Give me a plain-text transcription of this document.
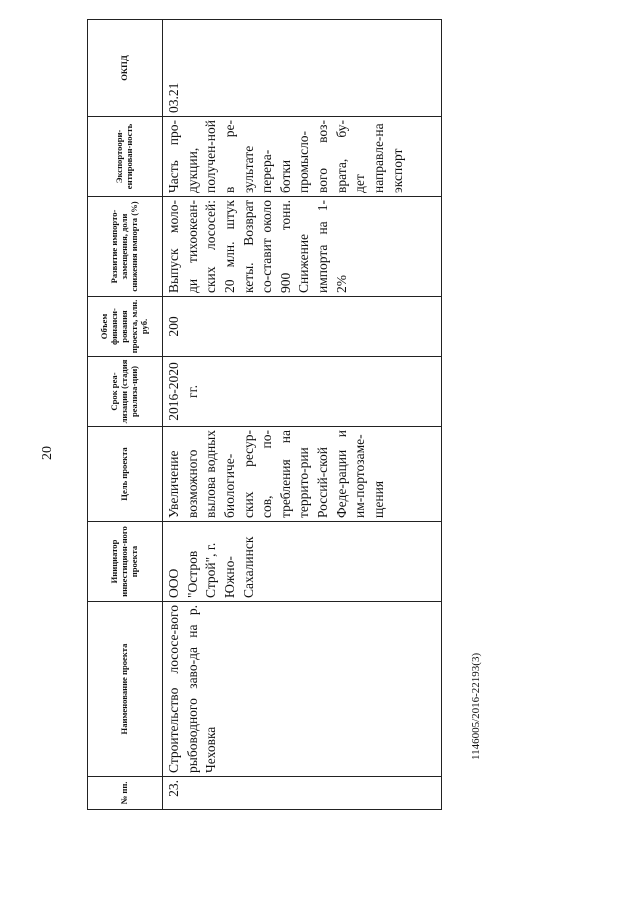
20
№ пп.	Наименование проекта	Инициатор инвестицион-ного проекта	Цель проекта	Срок реа-лизации (стадия реализа-ции)	Объем финанси-рования проекта, млн. руб.	Развитие импорто-замещения, доли снижения импорта (%)	Экспортоори-ентирован-ность	ОКПД
23.	Строительство лососе-вого рыбоводного заво-да на р. Чеховка	ООО "Остров Строй", г. Южно-Сахалинск	Увеличение возможного вылова водных биологиче-ских ресур-сов, по-требления на террито-рии Россий-ской Феде-рации и им-портозаме-щения	2016-2020 гг.	200	Выпуск моло-ди тихоокеан-ских лососей: 20 млн. штук кеты. Возврат со-ставит около 900 тонн. Снижение импорта на 1-2%	Часть про-дукции, получен-ной в ре-зультате перера-ботки промысло-вого воз-врата, бу-дет направле-на экспорт	03.21
1146005/2016-22193(3)
